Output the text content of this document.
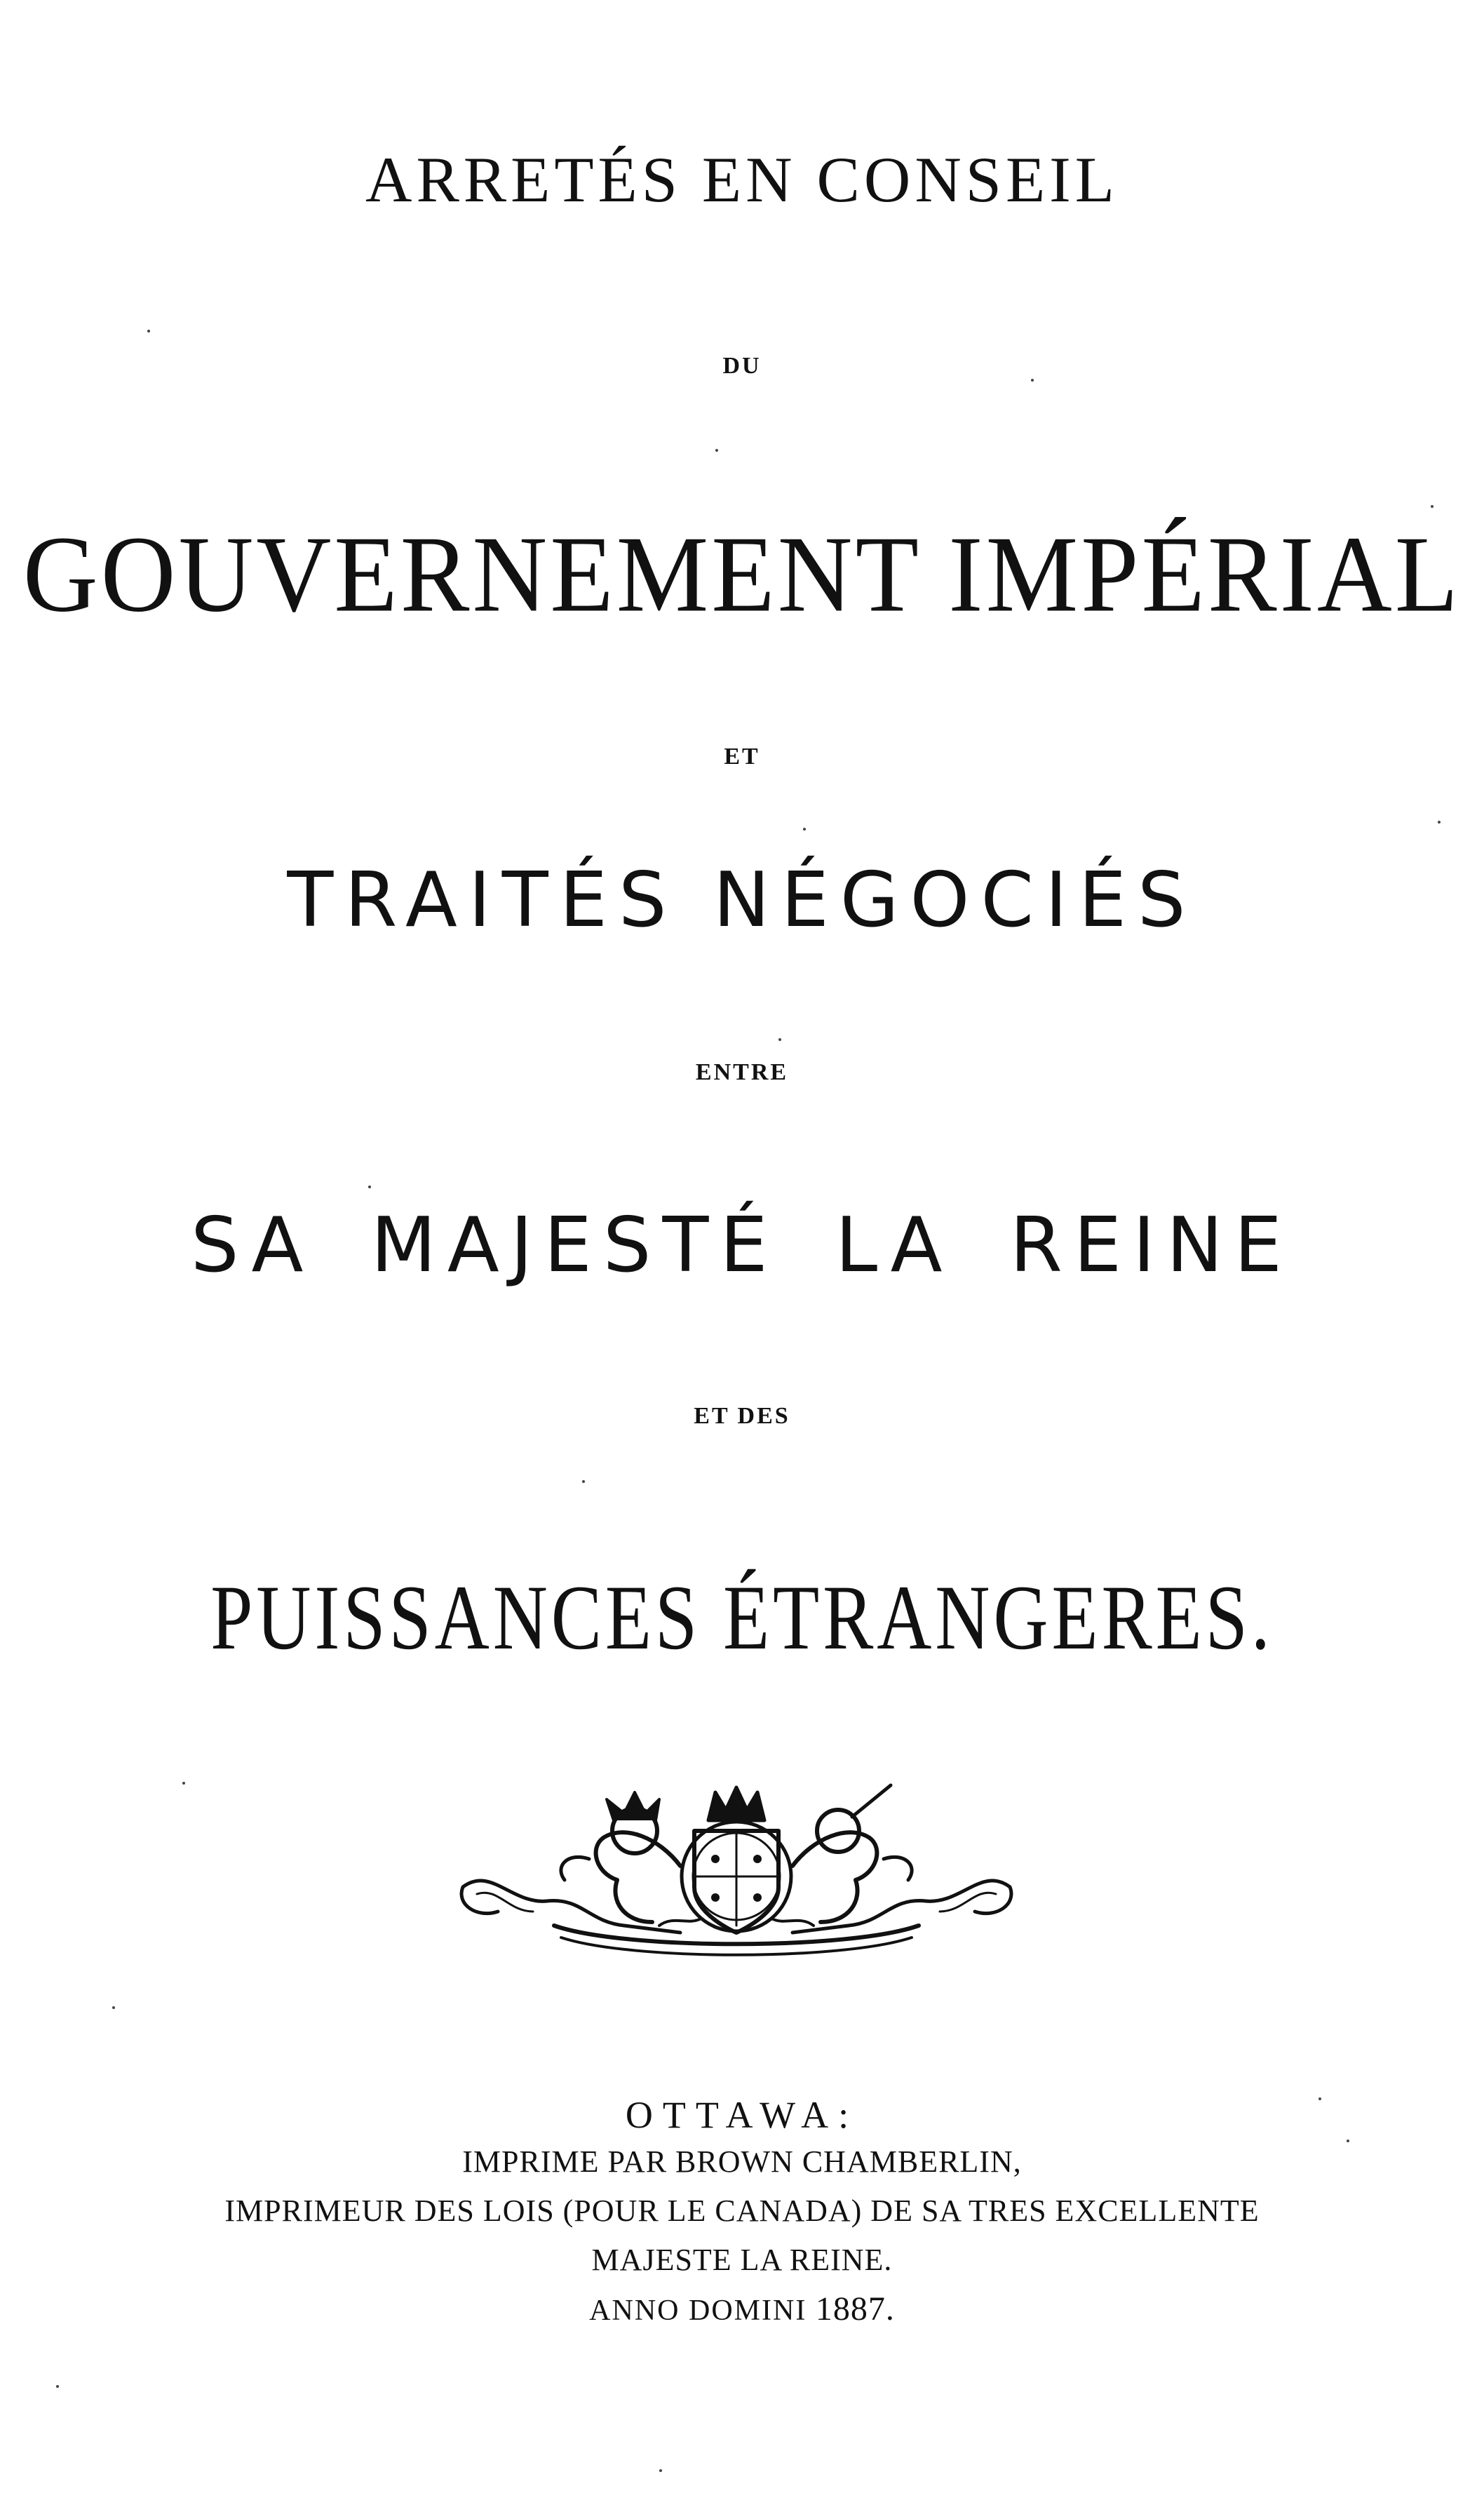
ARRETÉS EN CONSEIL
DU
GOUVERNEMENT IMPÉRIAL
ET
TRAITÉS NÉGOCIÉS
ENTRE
SA MAJESTÉ LA REINE
ET DES
PUISSANCES ÉTRANGERES.
OTTAWA:
IMPRIME PAR BROWN CHAMBERLIN,
IMPRIMEUR DES LOIS (POUR LE CANADA) DE SA TRES EXCELLENTE
MAJESTE LA REINE.
ANNO DOMINI 1887.
